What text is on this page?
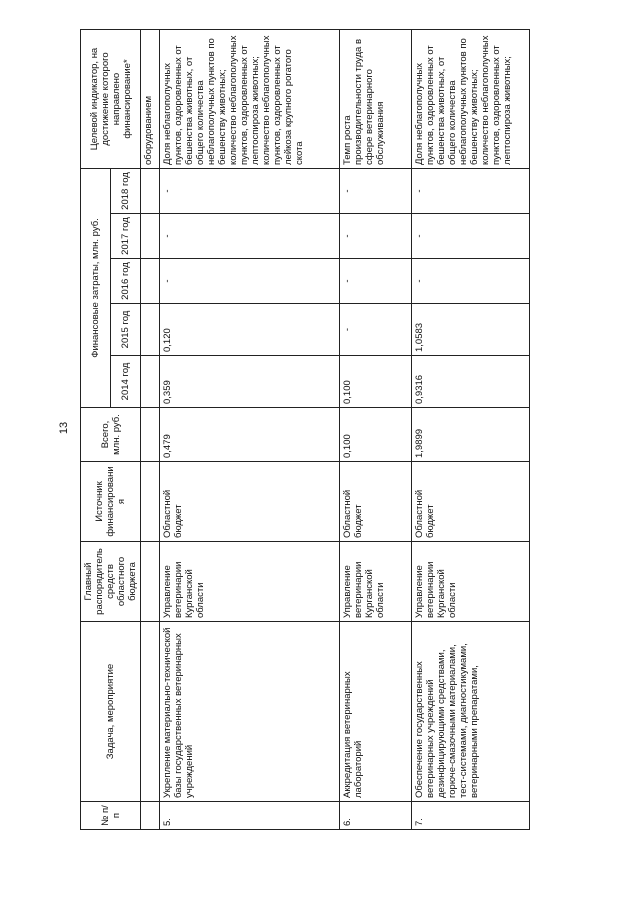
13
№ п/п	Задача, мероприятие	Главный распорядитель средств областного бюджета	Источник финансирования	Всего, млн. руб.	Финансовые затраты, млн. руб.					Целевой индикатор, на достижение которого направлено финансирование*
					2014 год	2015 год	2016 год	2017 год	2018 год	
										оборудованием
5.	Укрепление материально-технической базы государственных ветеринарных учреждений	Управление ветеринарии Курганской области	Областной бюджет	0,479	0,359	0,120	-	-	-	Доля неблагополучных пунктов, оздоровленных от бешенства животных, от общего количества неблагополучных пунктов по бешенству животных; количество неблагополучных пунктов, оздоровленных от лептоспироза животных; количество неблагополучных пунктов, оздоровленных от лейкоза крупного рогатого скота
6.	Аккредитация ветеринарных лабораторий	Управление ветеринарии Курганской области	Областной бюджет	0,100	0,100	-	-	-	-	Темп роста производительности труда в сфере ветеринарного обслуживания
7.	Обеспечение государственных ветеринарных учреждений дезинфицирующими средствами, горюче-смазочными материалами, тест-системами, диагностикумами, ветеринарными препаратами,	Управление ветеринарии Курганской области	Областной бюджет	1,9899	0,9316	1,0583	-	-	-	Доля неблагополучных пунктов, оздоровленных от бешенства животных, от общего количества неблагополучных пунктов по бешенству животных; количество неблагополучных пунктов, оздоровленных от лептоспироза животных;
